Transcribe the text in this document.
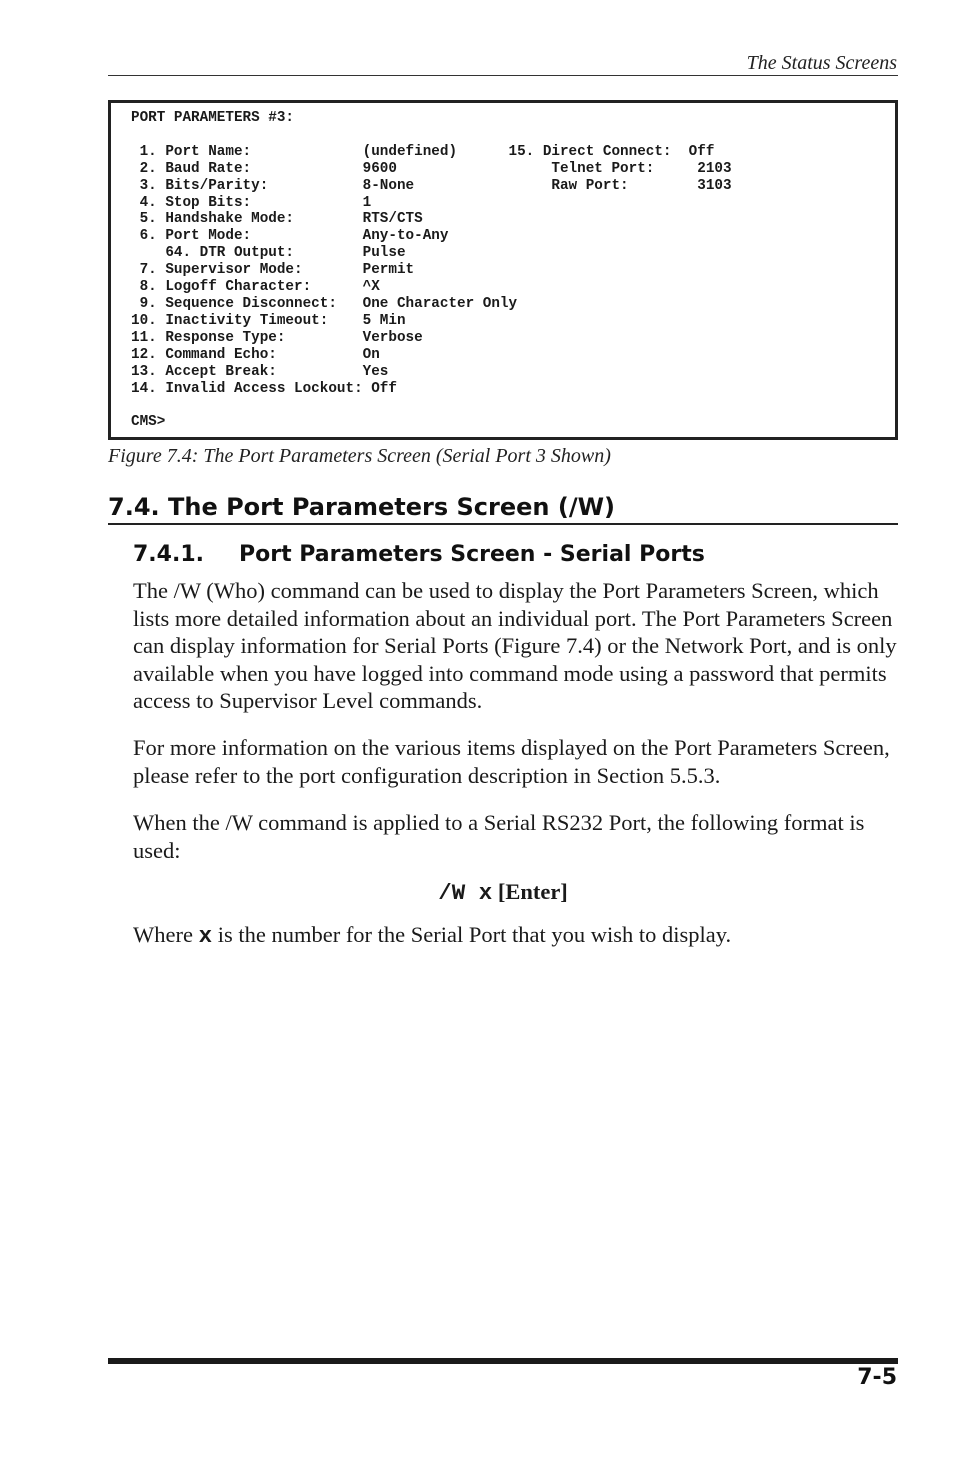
The Status Screens
PORT PARAMETERS #3:

1. Port Name:             (undefined)      15. Direct Connect:  Off
2. Baud Rate:             9600                  Telnet Port:     2103
3. Bits/Parity:           8-None                Raw Port:        3103
4. Stop Bits:             1
5. Handshake Mode:        RTS/CTS
6. Port Mode:             Any-to-Any
64. DTR Output:        Pulse
7. Supervisor Mode:       Permit
8. Logoff Character:      ^X
9. Sequence Disconnect:   One Character Only
10. Inactivity Timeout:    5 Min
11. Response Type:         Verbose
12. Command Echo:          On
13. Accept Break:          Yes
14. Invalid Access Lockout: Off

CMS>
Figure 7.4: The Port Parameters Screen (Serial Port 3 Shown)
7.4. The Port Parameters Screen (/W)
7.4.1. Port Parameters Screen - Serial Ports

The /W (Who) command can be used to display the Port Parameters Screen, which lists more detailed information about an individual port. The Port Parameters Screen can display information for Serial Ports (Figure 7.4) or the Network Port, and is only available when you have logged into command mode using a password that permits access to Supervisor Level commands.

For more information on the various items displayed on the Port Parameters Screen, please refer to the port configuration description in Section 5.5.3.

When the /W command is applied to a Serial RS232 Port, the following format is used:

/W x [Enter]

Where x is the number for the Serial Port that you wish to display.

7-5
